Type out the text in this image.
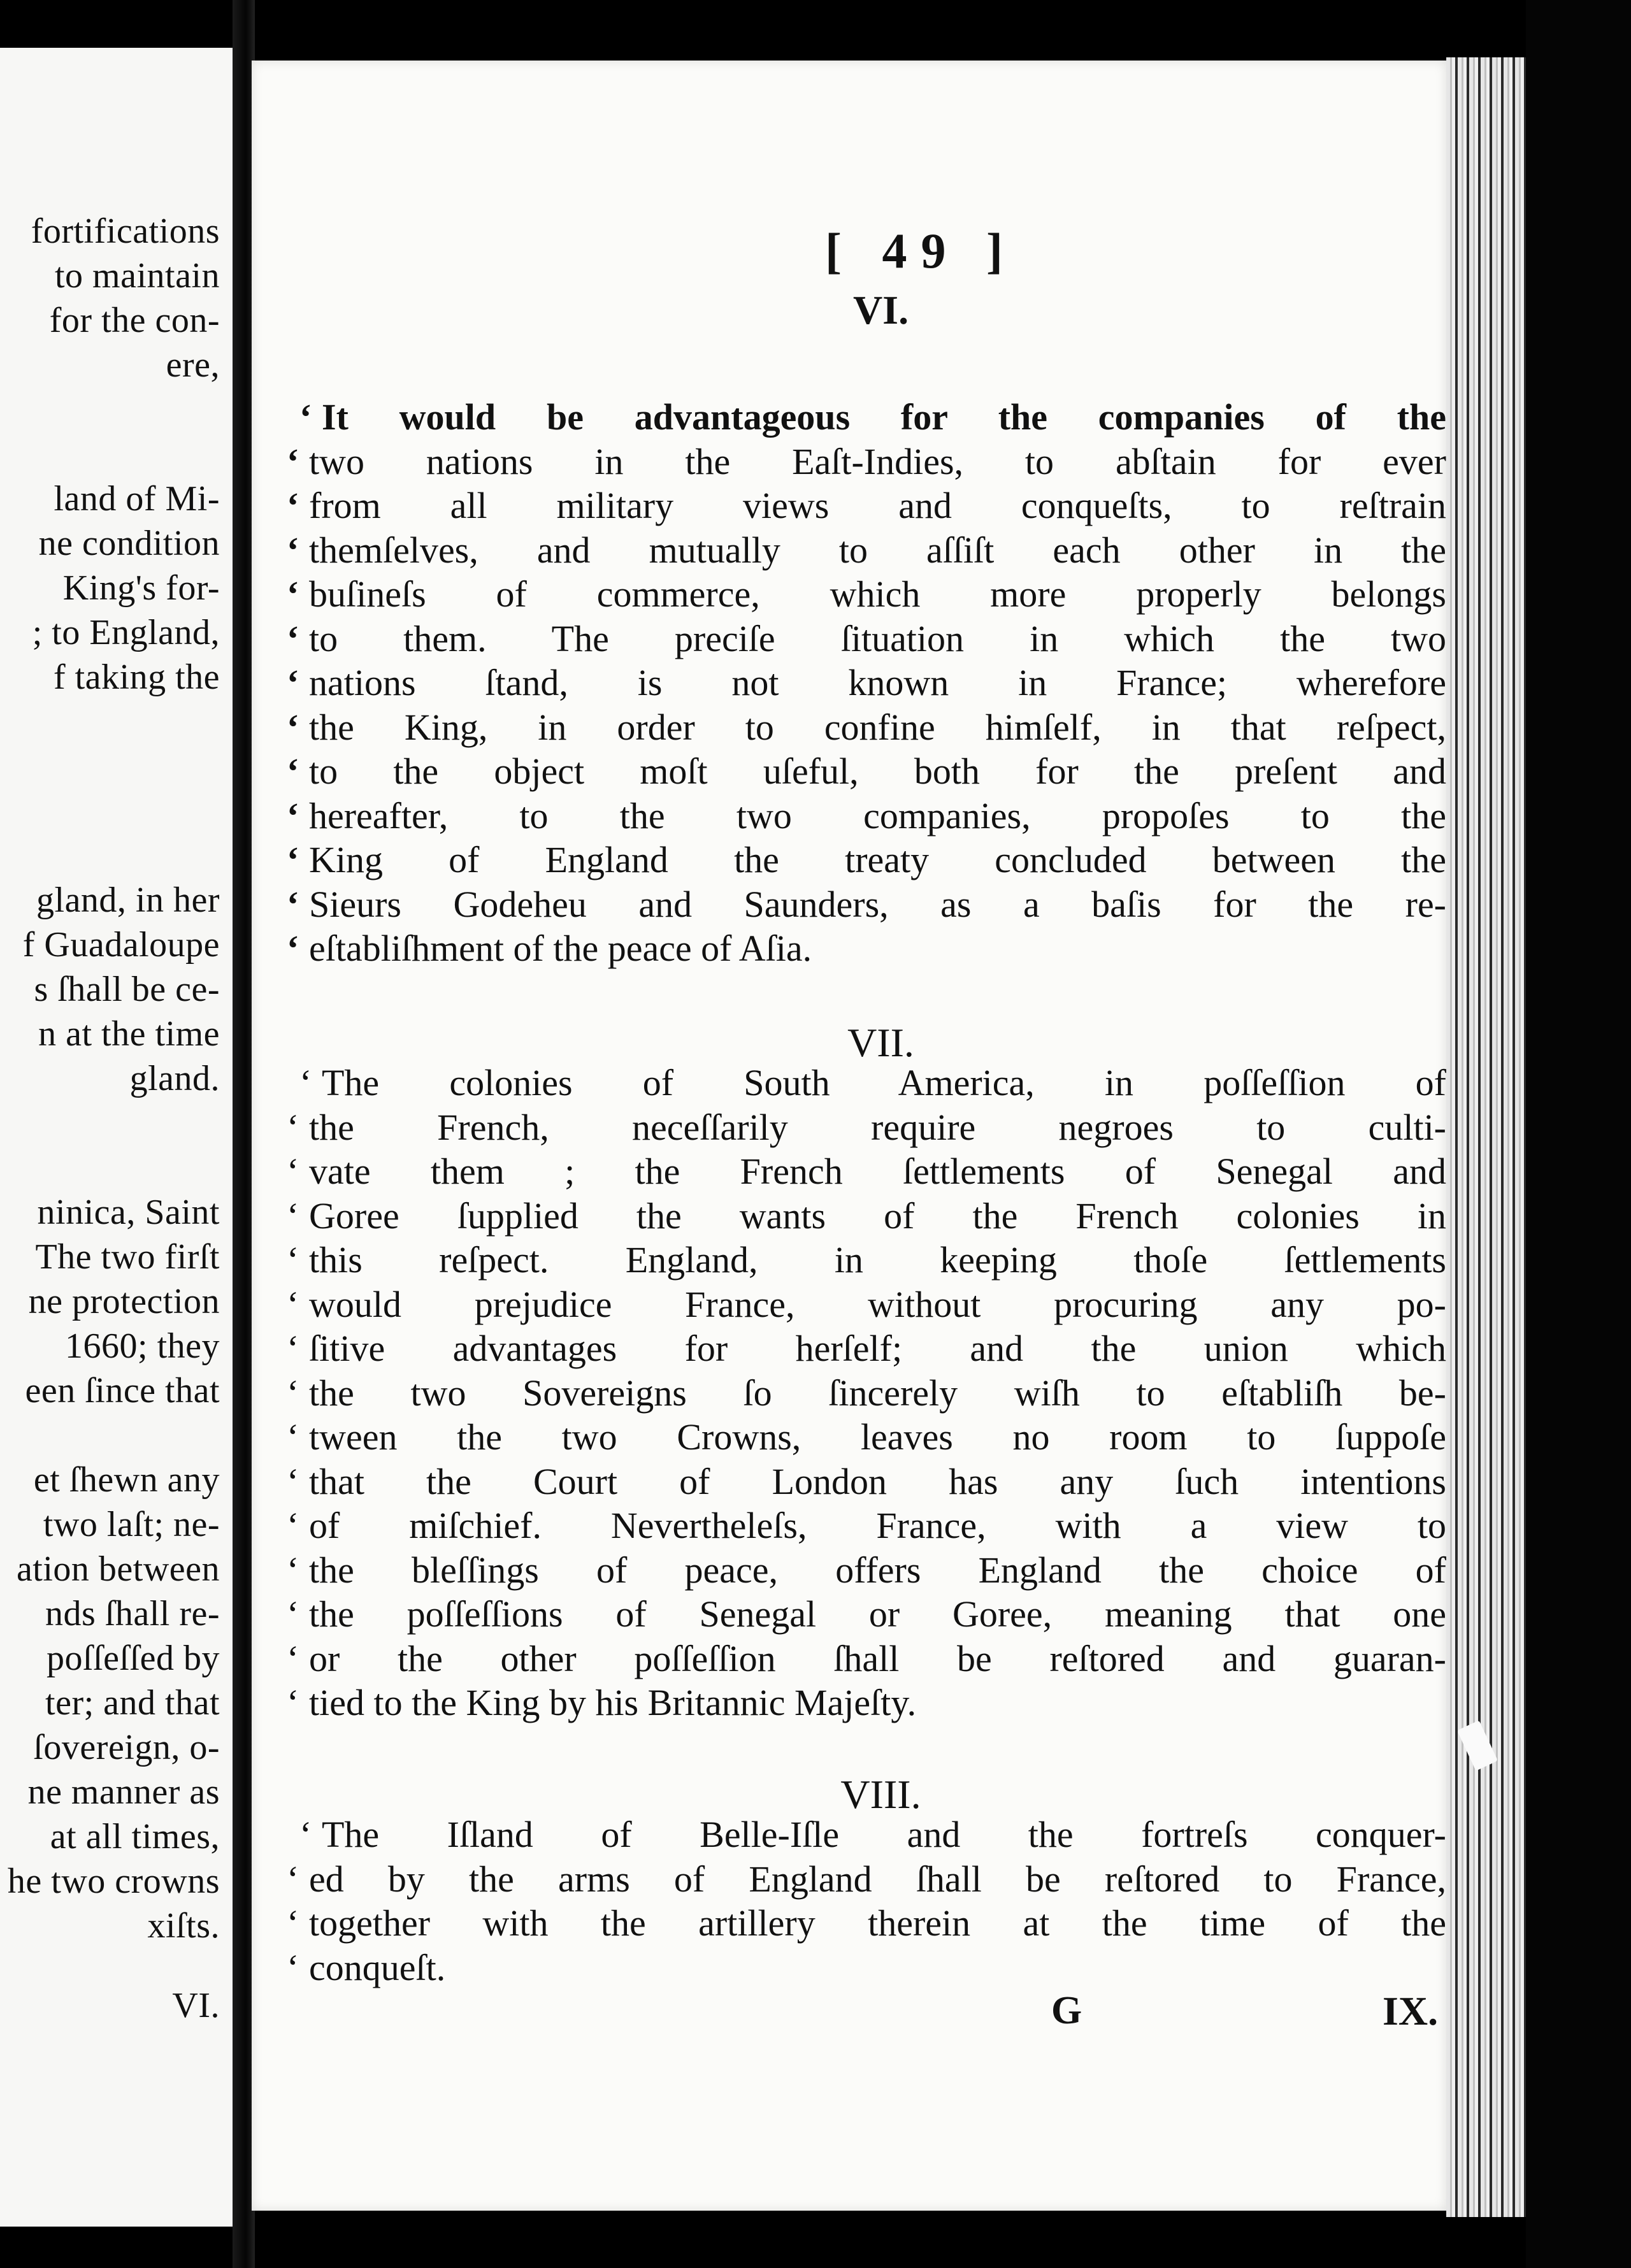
fortifications
to maintain
for the con-
ere,
land of Mi-
ne condition
King's for-
; to England,
f taking the
gland, in her
f Guadaloupe
s ſhall be ce-
n at the time
gland.
ninica, Saint
The two firſt
ne protection
1660; they
een ſince that
et ſhewn any
two laſt; ne-
ation between
nds ſhall re-
poſſeſſed by
ter; and that
ſovereign, o-
ne manner as
at all times,
he two crowns
xiſts.
VI.
[ 49 ]
VI.
‘ It would be advantageous for the companies of the
‘ two nations in the Eaſt-Indies, to abſtain for ever
‘ from all military views and conqueſts, to reſtrain
‘ themſelves, and mutually to aſſiſt each other in the
‘ buſineſs of commerce, which more properly belongs
‘ to them. The preciſe ſituation in which the two
‘ nations ſtand, is not known in France; wherefore
‘ the King, in order to confine himſelf, in that reſpect,
‘ to the object moſt uſeful, both for the preſent and
‘ hereafter, to the two companies, propoſes to the
‘ King of England the treaty concluded between the
‘ Sieurs Godeheu and Saunders, as a baſis for the re-
‘ eſtabliſhment of the peace of Aſia.
VII.
‘ The colonies of South America, in poſſeſſion of
‘ the French, neceſſarily require negroes to culti-
‘ vate them ; the French ſettlements of Senegal and
‘ Goree ſupplied the wants of the French colonies in
‘ this reſpect. England, in keeping thoſe ſettlements
‘ would prejudice France, without procuring any po-
‘ ſitive advantages for herſelf; and the union which
‘ the two Sovereigns ſo ſincerely wiſh to eſtabliſh be-
‘ tween the two Crowns, leaves no room to ſuppoſe
‘ that the Court of London has any ſuch intentions
‘ of miſchief. Nevertheleſs, France, with a view to
‘ the bleſſings of peace, offers England the choice of
‘ the poſſeſſions of Senegal or Goree, meaning that one
‘ or the other poſſeſſion ſhall be reſtored and guaran-
‘ tied to the King by his Britannic Majeſty.
VIII.
‘ The Iſland of Belle-Iſle and the fortreſs conquer-
‘ ed by the arms of England ſhall be reſtored to France,
‘ together with the artillery therein at the time of the
‘ conqueſt.
G	IX.
